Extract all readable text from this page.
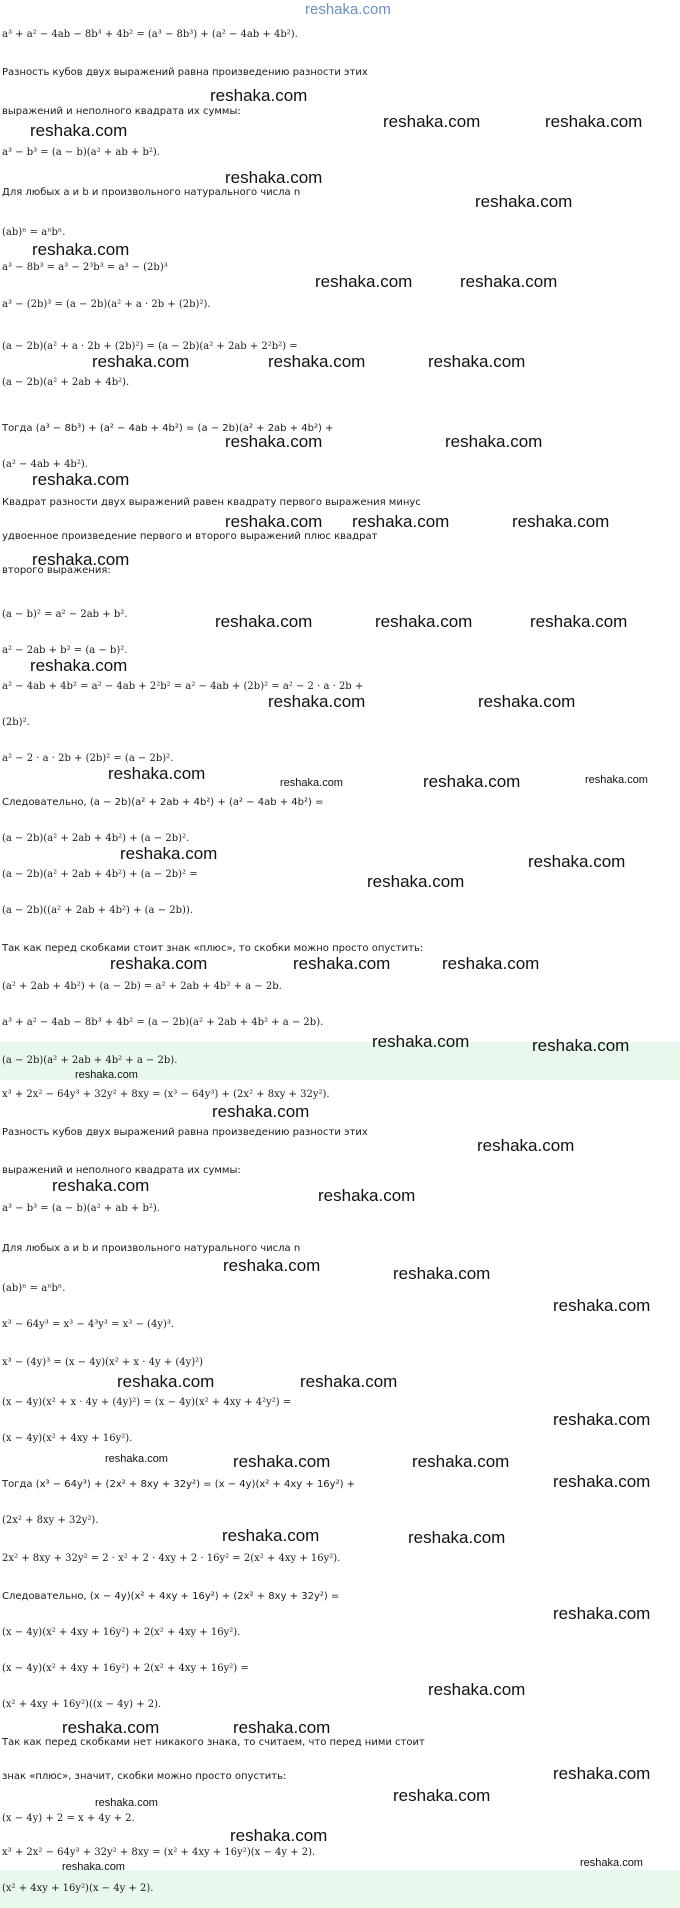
a³ + a² − 4ab − 8b³ + 4b² = (a³ − 8b³) + (a² − 4ab + 4b²).
Разность кубов двух выражений равна произведению разности этих
выражений и неполного квадрата их суммы:
a³ − b³ = (a − b)(a² + ab + b²).
Для любых a и b и произвольного натурального числа n
(ab)ⁿ = aⁿbⁿ.
a³ − 8b³ = a³ − 2³b³ = a³ − (2b)³
a³ − (2b)³ = (a − 2b)(a² + a · 2b + (2b)²).
(a − 2b)(a² + a · 2b + (2b)²) = (a − 2b)(a² + 2ab + 2²b²) =
(a − 2b)(a² + 2ab + 4b²).
Тогда (a³ − 8b³) + (a² − 4ab + 4b²) = (a − 2b)(a² + 2ab + 4b²) +
(a² − 4ab + 4b²).
Квадрат разности двух выражений равен квадрату первого выражения минус
удвоенное произведение первого и второго выражений плюс квадрат
второго выражения:
(a − b)² = a² − 2ab + b².
a² − 2ab + b² = (a − b)².
a² − 4ab + 4b² = a² − 4ab + 2²b² = a² − 4ab + (2b)² = a² − 2 · a · 2b +
(2b)².
a² − 2 · a · 2b + (2b)² = (a − 2b)².
Следовательно, (a − 2b)(a² + 2ab + 4b²) + (a² − 4ab + 4b²) =
(a − 2b)(a² + 2ab + 4b²) + (a − 2b)².
(a − 2b)(a² + 2ab + 4b²) + (a − 2b)² =
(a − 2b)((a² + 2ab + 4b²) + (a − 2b)).
Так как перед скобками стоит знак «плюс», то скобки можно просто опустить:
(a² + 2ab + 4b²) + (a − 2b) = a² + 2ab + 4b² + a − 2b.
a³ + a² − 4ab − 8b³ + 4b² = (a − 2b)(a² + 2ab + 4b² + a − 2b).
(a − 2b)(a² + 2ab + 4b² + a − 2b).
x³ + 2x² − 64y³ + 32y² + 8xy = (x³ − 64y³) + (2x² + 8xy + 32y²).
Разность кубов двух выражений равна произведению разности этих
выражений и неполного квадрата их суммы:
a³ − b³ = (a − b)(a² + ab + b²).
Для любых a и b и произвольного натурального числа n
(ab)ⁿ = aⁿbⁿ.
x³ − 64y³ = x³ − 4³y³ = x³ − (4y)³.
x³ − (4y)³ = (x − 4y)(x² + x · 4y + (4y)²)
(x − 4y)(x² + x · 4y + (4y)²) = (x − 4y)(x² + 4xy + 4²y²) =
(x − 4y)(x² + 4xy + 16y²).
Тогда (x³ − 64y³) + (2x² + 8xy + 32y²) = (x − 4y)(x² + 4xy + 16y²) +
(2x² + 8xy + 32y²).
2x² + 8xy + 32y² = 2 · x² + 2 · 4xy + 2 · 16y² = 2(x² + 4xy + 16y²).
Следовательно, (x − 4y)(x² + 4xy + 16y²) + (2x² + 8xy + 32y²) =
(x − 4y)(x² + 4xy + 16y²) + 2(x² + 4xy + 16y²).
(x − 4y)(x² + 4xy + 16y²) + 2(x² + 4xy + 16y²) =
(x² + 4xy + 16y²)((x − 4y) + 2).
Так как перед скобками нет никакого знака, то считаем, что перед ними стоит
знак «плюс», значит, скобки можно просто опустить:
(x − 4y) + 2 = x + 4y + 2.
x³ + 2x² − 64y³ + 32y² + 8xy = (x² + 4xy + 16y²)(x − 4y + 2).
(x² + 4xy + 16y²)(x − 4y + 2).
reshaka.com
reshaka.com
reshaka.com	reshaka.com
reshaka.com
reshaka.com
reshaka.com
reshaka.com
reshaka.com	reshaka.com
reshaka.com	reshaka.com	reshaka.com
reshaka.com	reshaka.com
reshaka.com
reshaka.com reshaka.com	reshaka.com
reshaka.com
reshaka.com	reshaka.com	reshaka.com
reshaka.com
reshaka.com	reshaka.com
reshaka.com	reshaka.com	reshaka.com	reshaka.com
reshaka.com
reshaka.com
reshaka.com
reshaka.com	reshaka.com	reshaka.com
reshaka.com	reshaka.com
reshaka.com
reshaka.com
reshaka.com
reshaka.com
reshaka.com
reshaka.com	reshaka.com
reshaka.com
reshaka.com	reshaka.com
reshaka.com
reshaka.com	reshaka.com	reshaka.com
reshaka.com
reshaka.com	reshaka.com
reshaka.com
reshaka.com
reshaka.com	reshaka.com
reshaka.com
reshaka.com
reshaka.com
reshaka.com
reshaka.com	reshaka.com
